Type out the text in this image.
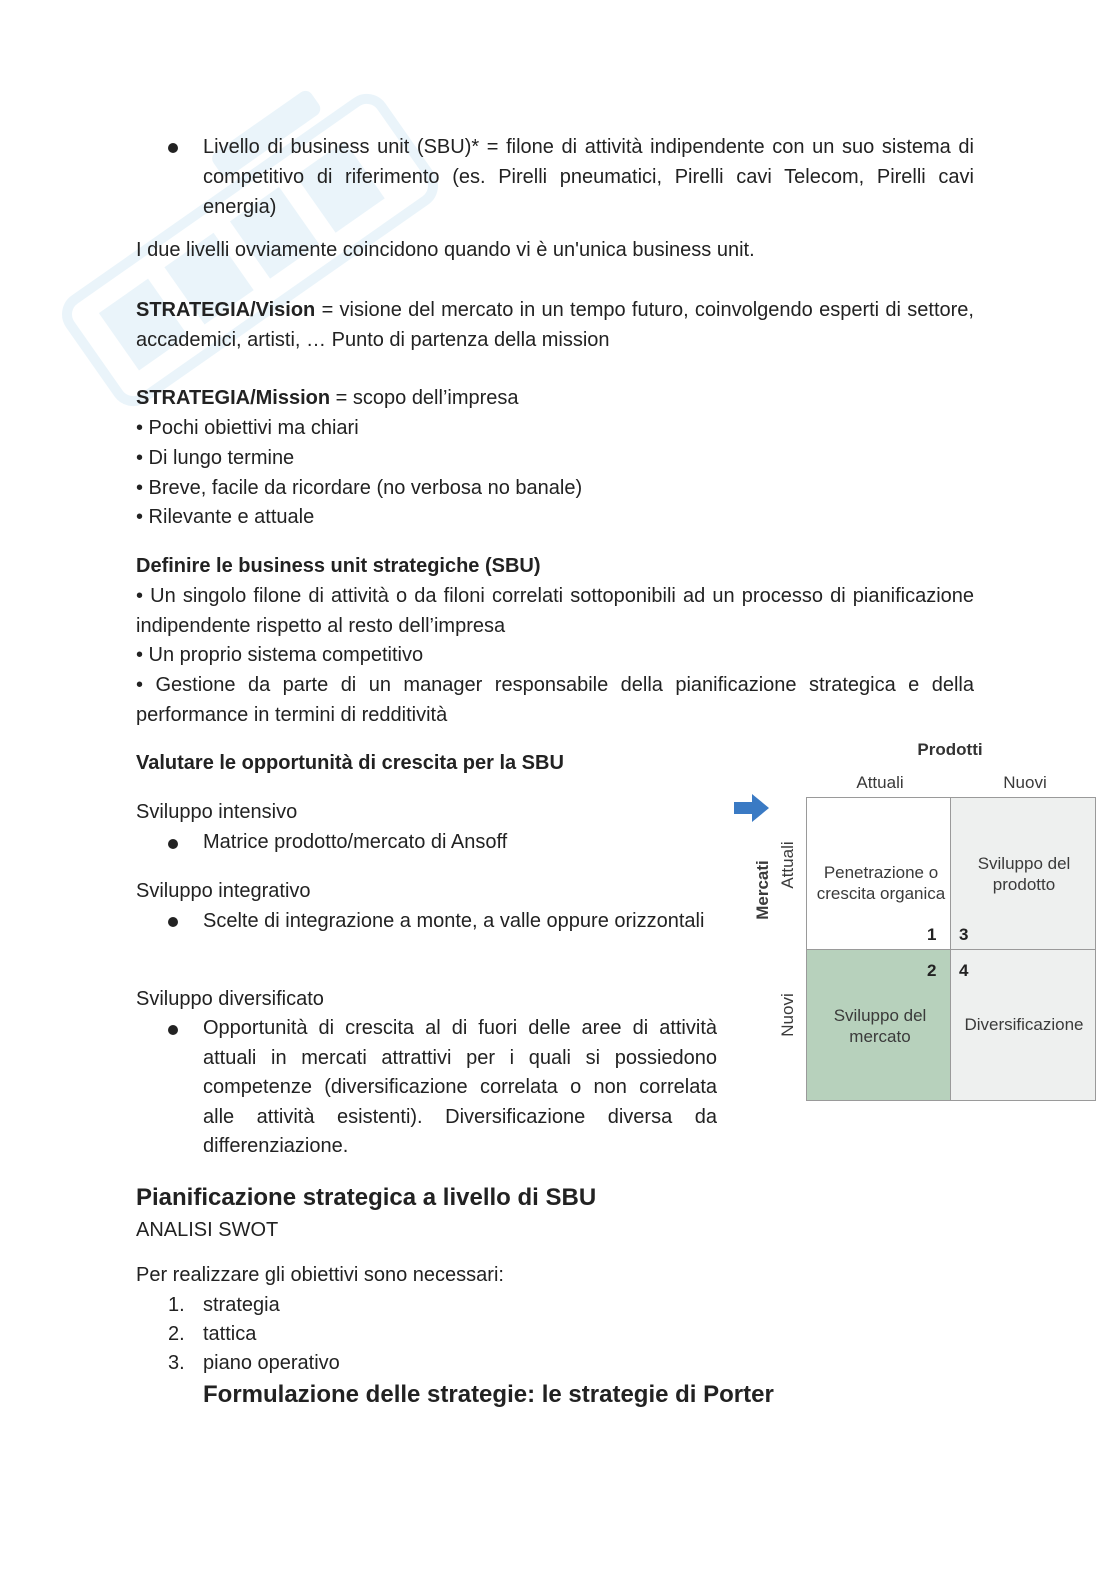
Livello di business unit (SBU)* = filone di attività indipendente con un suo sistema di competitivo di riferimento (es. Pirelli pneumatici, Pirelli cavi Telecom, Pirelli cavi energia)
I due livelli ovviamente coincidono quando vi è un'unica business unit.
STRATEGIA/Vision = visione del mercato in un tempo futuro, coinvolgendo esperti di settore, accademici, artisti, … Punto di partenza della mission
STRATEGIA/Mission = scopo dell’impresa
• Pochi obiettivi ma chiari
• Di lungo termine
• Breve, facile da ricordare (no verbosa no banale)
• Rilevante e attuale
Definire le business unit strategiche (SBU)
• Un singolo filone di attività o da filoni correlati sottoponibili ad un processo di pianificazione indipendente rispetto al resto dell’impresa
• Un proprio sistema competitivo
• Gestione da parte di un manager responsabile della pianificazione strategica e della performance in termini di redditività
Valutare le opportunità di crescita per la SBU
Sviluppo intensivo
Matrice prodotto/mercato di Ansoff
Sviluppo integrativo
Scelte di integrazione a monte, a valle oppure orizzontali
Sviluppo diversificato
Opportunità di crescita al di fuori delle aree di attività attuali in mercati attrattivi per i quali si possiedono competenze (diversificazione correlata o non correlata alle attività esistenti). Diversificazione diversa da differenziazione.
Pianificazione strategica a livello di SBU
ANALISI SWOT
Per realizzare gli obiettivi sono necessari:
1. strategia
2. tattica
3. piano operativo
Formulazione delle strategie: le strategie di Porter
Prodotti
Attuali	Nuovi
Mercati Attuali
Nuovi
Penetrazione o crescita organica
1
Sviluppo del prodotto
3
Sviluppo del mercato
2
Diversificazione
4
